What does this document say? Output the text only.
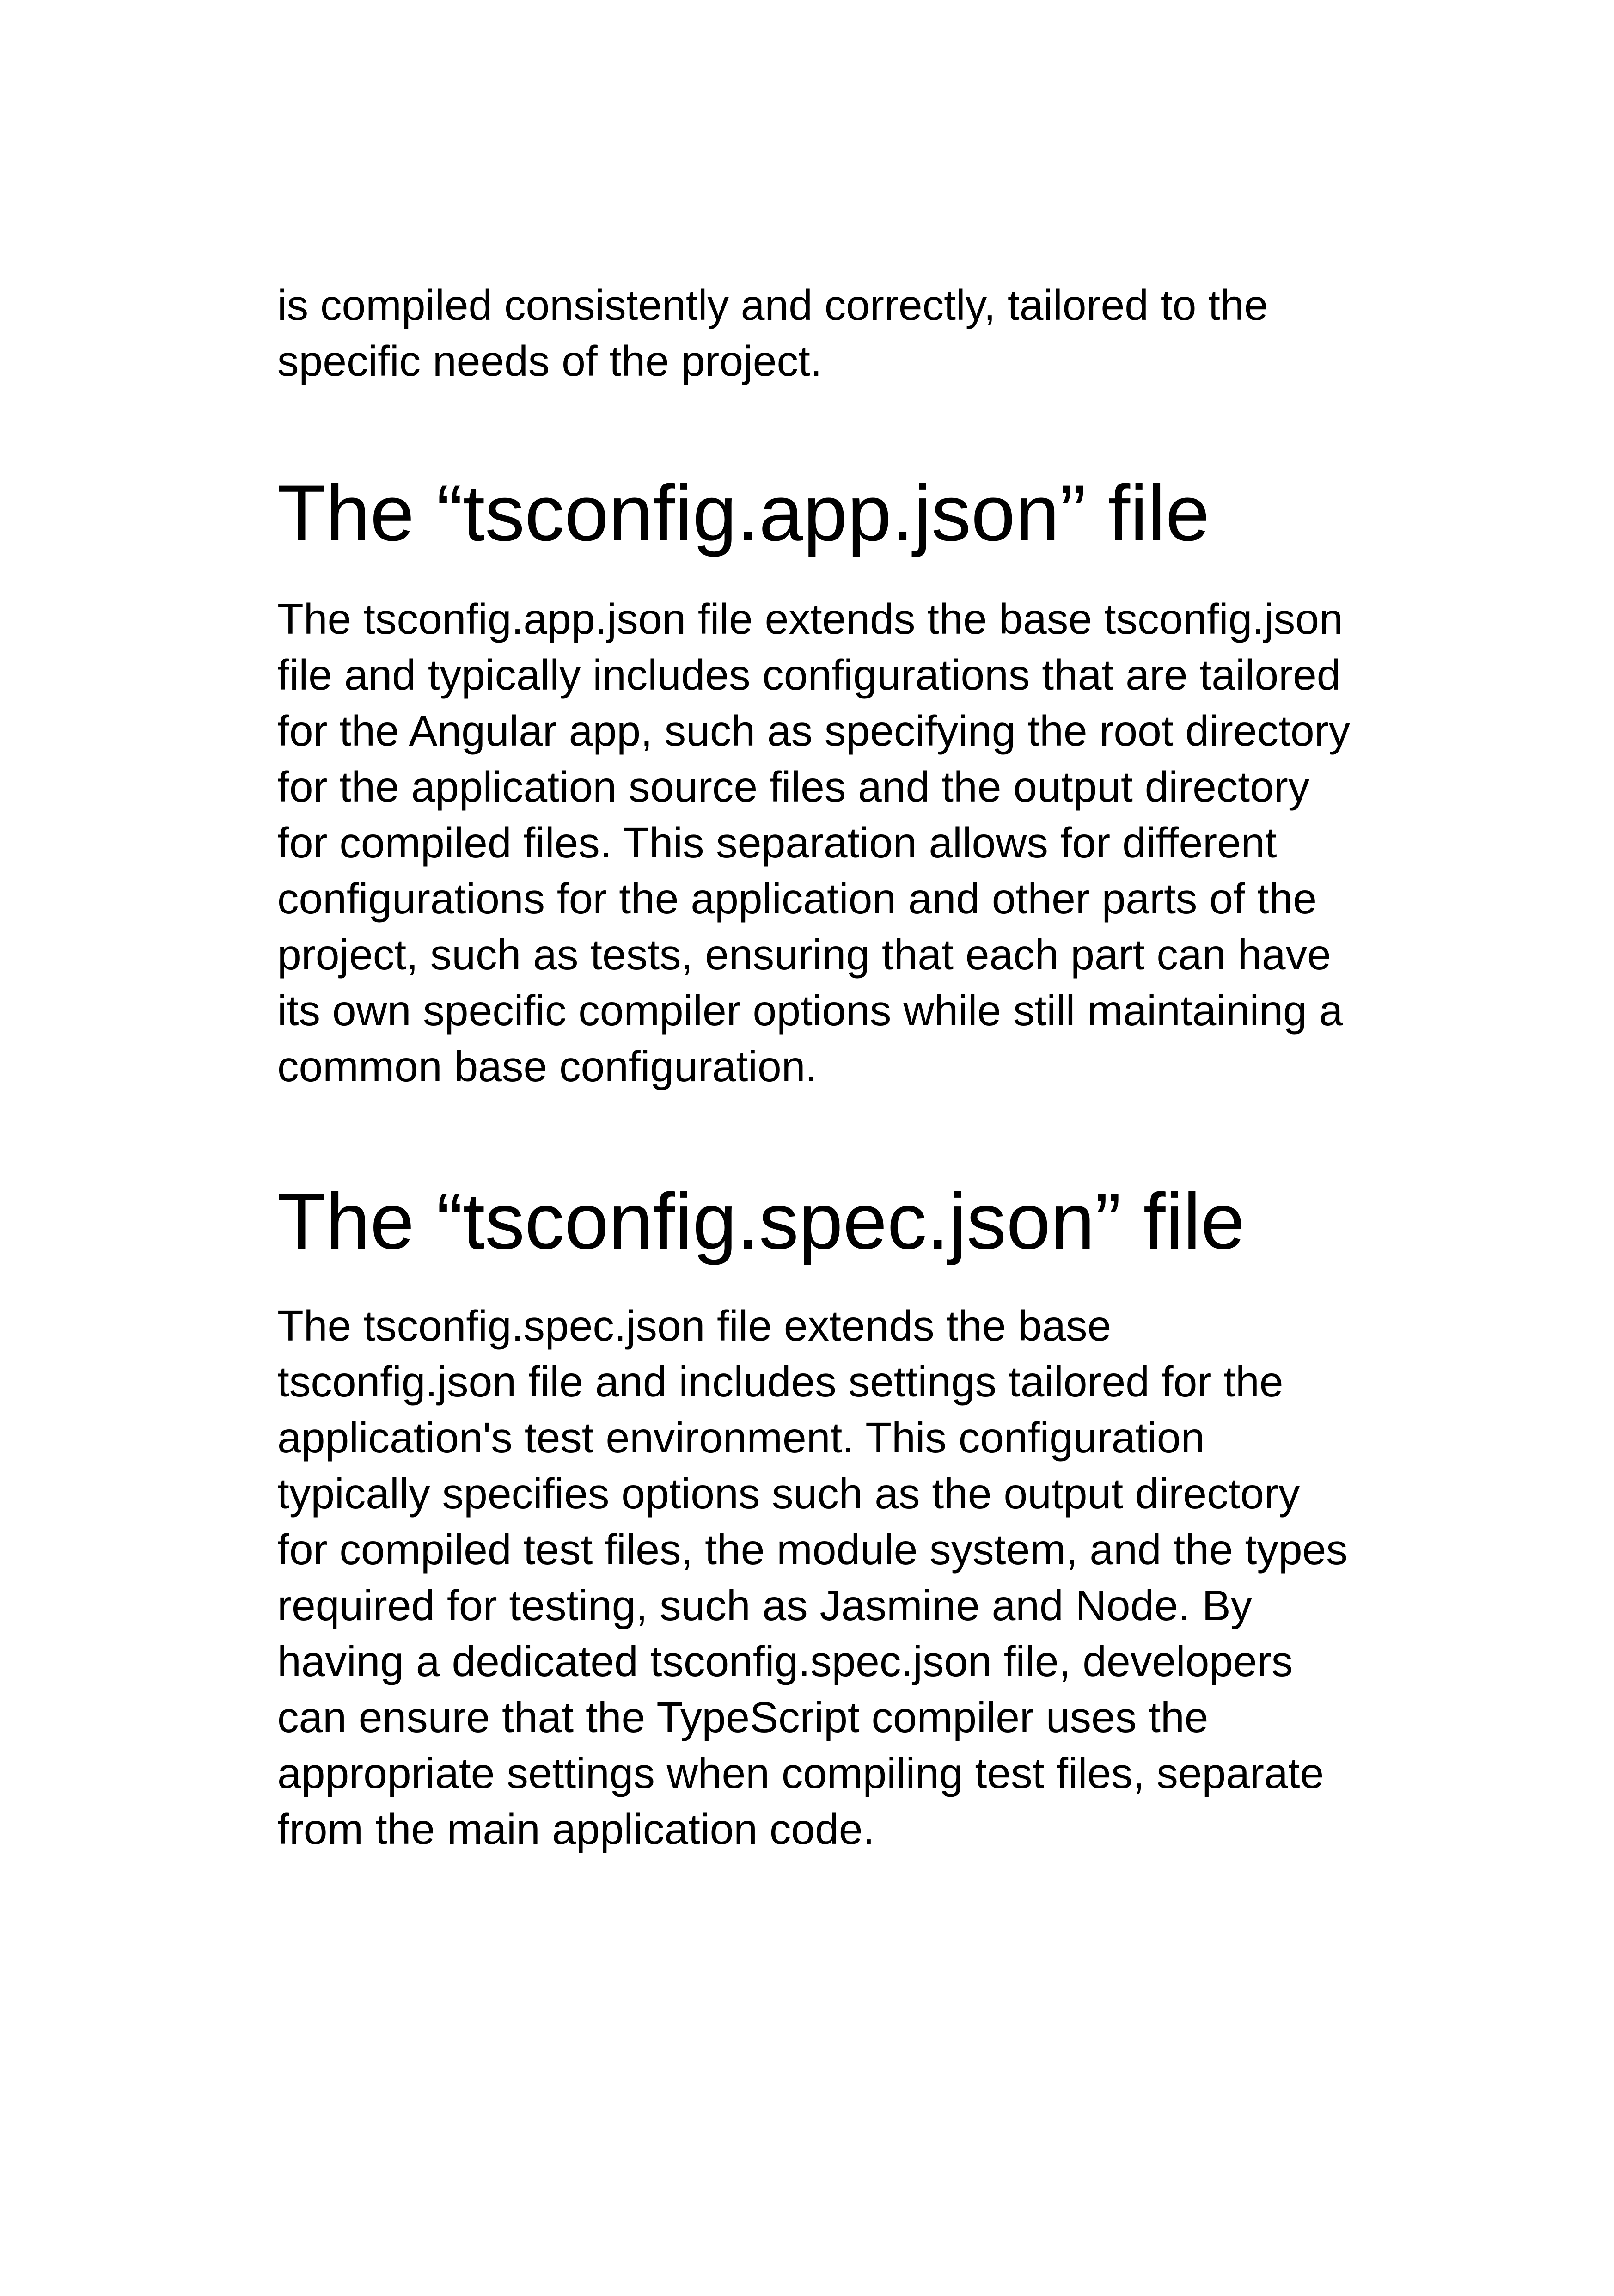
is compiled consistently and correctly, tailored to the
specific needs of the project.
The “tsconfig.app.json” file
The tsconfig.app.json file extends the base tsconfig.json
file and typically includes configurations that are tailored
for the Angular app, such as specifying the root directory
for the application source files and the output directory
for compiled files. This separation allows for different
configurations for the application and other parts of the
project, such as tests, ensuring that each part can have
its own specific compiler options while still maintaining a
common base configuration.
The “tsconfig.spec.json” file
The tsconfig.spec.json file extends the base
tsconfig.json file and includes settings tailored for the
application's test environment. This configuration
typically specifies options such as the output directory
for compiled test files, the module system, and the types
required for testing, such as Jasmine and Node. By
having a dedicated tsconfig.spec.json file, developers
can ensure that the TypeScript compiler uses the
appropriate settings when compiling test files, separate
from the main application code.
